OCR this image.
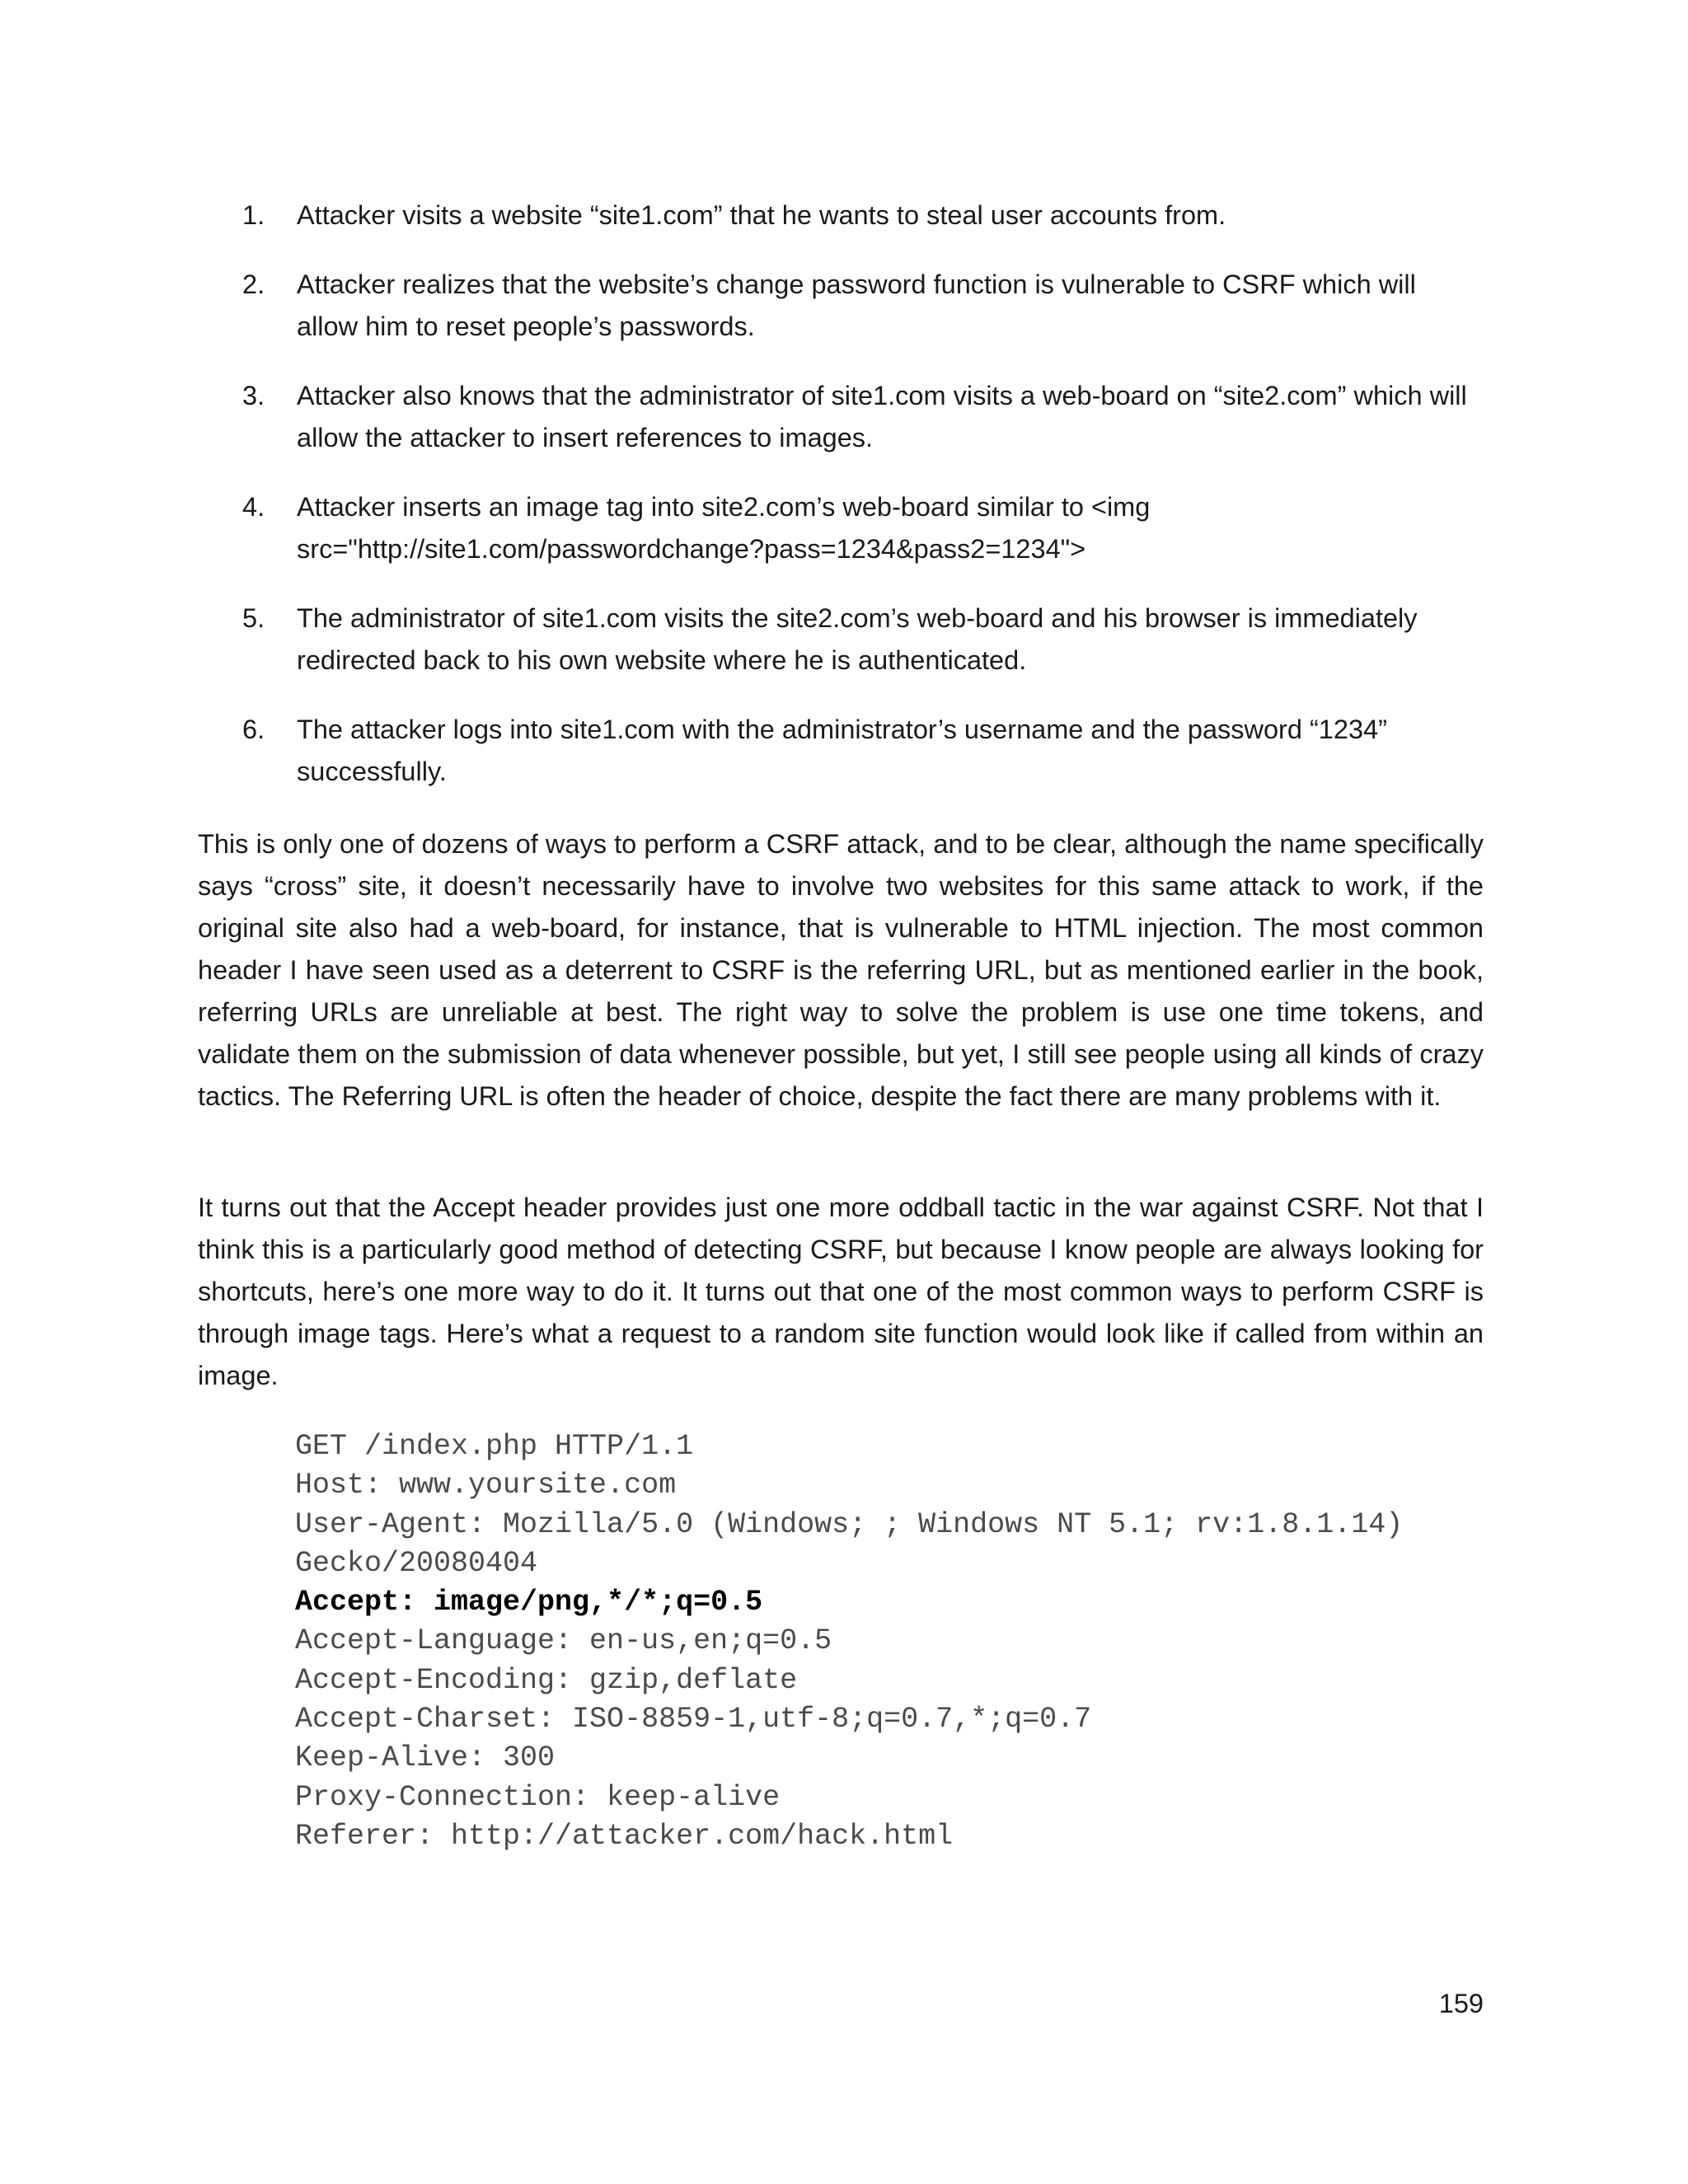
1. Attacker visits a website “site1.com” that he wants to steal user accounts from.
2. Attacker realizes that the website’s change password function is vulnerable to CSRF which will allow him to reset people’s passwords.
3. Attacker also knows that the administrator of site1.com visits a web-board on “site2.com” which will allow the attacker to insert references to images.
4. Attacker inserts an image tag into site2.com’s web-board similar to <img src="http://site1.com/passwordchange?pass=1234&pass2=1234">
5. The administrator of site1.com visits the site2.com’s web-board and his browser is immediately redirected back to his own website where he is authenticated.
6. The attacker logs into site1.com with the administrator’s username and the password “1234” successfully.

This is only one of dozens of ways to perform a CSRF attack, and to be clear, although the name specifically says “cross” site, it doesn’t necessarily have to involve two websites for this same attack to work, if the original site also had a web-board, for instance, that is vulnerable to HTML injection. The most common header I have seen used as a deterrent to CSRF is the referring URL, but as mentioned earlier in the book, referring URLs are unreliable at best. The right way to solve the problem is use one time tokens, and validate them on the submission of data whenever possible, but yet, I still see people using all kinds of crazy tactics. The Referring URL is often the header of choice, despite the fact there are many problems with it.

It turns out that the Accept header provides just one more oddball tactic in the war against CSRF. Not that I think this is a particularly good method of detecting CSRF, but because I know people are always looking for shortcuts, here’s one more way to do it. It turns out that one of the most common ways to perform CSRF is through image tags. Here’s what a request to a random site function would look like if called from within an image.

GET /index.php HTTP/1.1
Host: www.yoursite.com
User-Agent: Mozilla/5.0 (Windows; ; Windows NT 5.1; rv:1.8.1.14)
Gecko/20080404
Accept: image/png,*/*;q=0.5
Accept-Language: en-us,en;q=0.5
Accept-Encoding: gzip,deflate
Accept-Charset: ISO-8859-1,utf-8;q=0.7,*;q=0.7
Keep-Alive: 300
Proxy-Connection: keep-alive
Referer: http://attacker.com/hack.html
159
